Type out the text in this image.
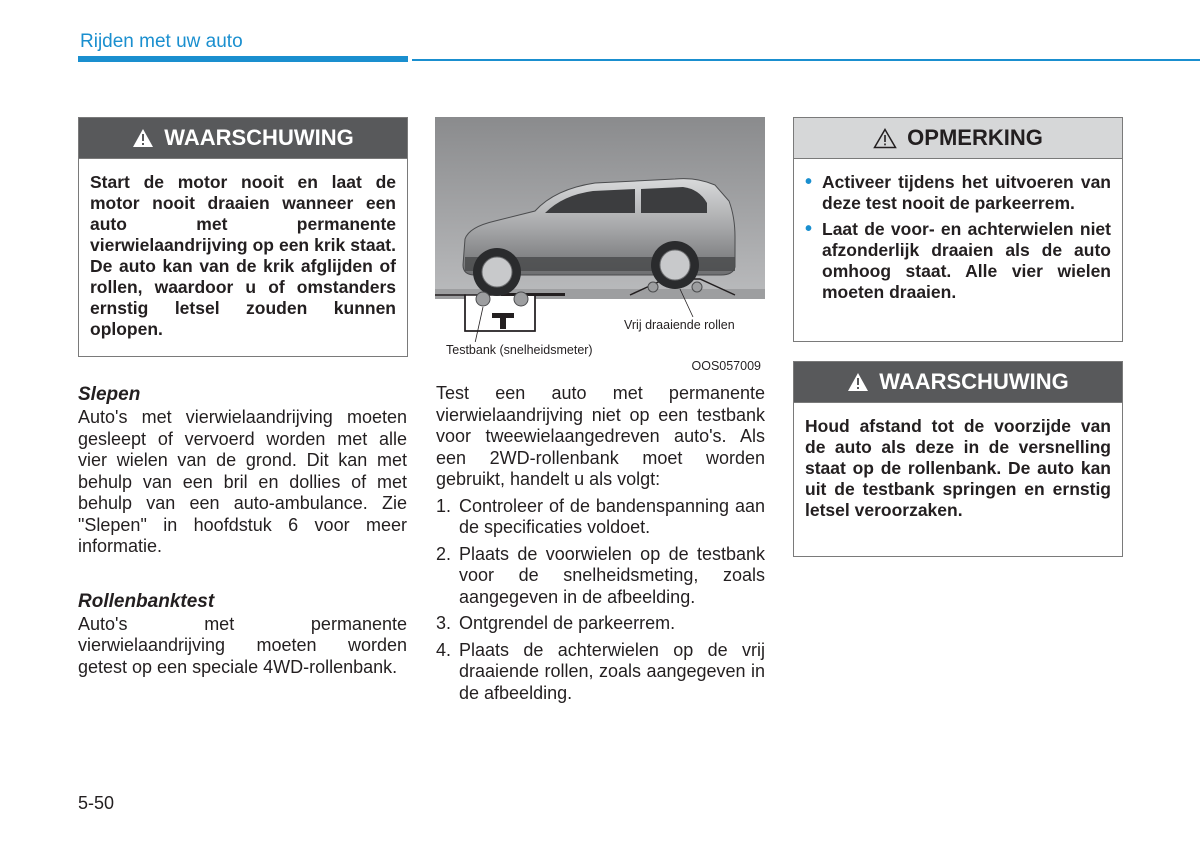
Rijden met uw auto
WAARSCHUWING
Start de motor nooit en laat de motor nooit draaien wanneer een auto met permanente vierwielaandrijving op een krik staat. De auto kan van de krik afglijden of rollen, waardoor u of omstanders ernstig letsel zouden kunnen oplopen.
Slepen

Auto's met vierwielaandrijving moeten gesleept of vervoerd worden met alle vier wielen van de grond. Dit kan met behulp van een bril en dollies of met behulp van een auto-ambulance. Zie "Slepen" in hoofdstuk 6 voor meer informatie.

Rollenbanktest

Auto's met permanente vierwielaandrijving moeten worden getest op een speciale 4WD-rollenbank.

Vrij draaiende rollen
Testbank (snelheidsmeter)
OOS057009

Test een auto met permanente vierwielaandrijving niet op een testbank voor tweewielaangedreven auto's. Als een 2WD-rollenbank moet worden gebruikt, handelt u als volgt:

1. Controleer of de bandenspanning aan de specificaties voldoet.
2. Plaats de voorwielen op de testbank voor de snelheidsmeting, zoals aangegeven in de afbeelding.
3. Ontgrendel de parkeerrem.
4. Plaats de achterwielen op de vrij draaiende rollen, zoals aangegeven in de afbeelding.
OPMERKING
• Activeer tijdens het uitvoeren van deze test nooit de parkeerrem.
• Laat de voor- en achterwielen niet afzonderlijk draaien als de auto omhoog staat. Alle vier wielen moeten draaien.
WAARSCHUWING
Houd afstand tot de voorzijde van de auto als deze in de versnelling staat op de rollenbank. De auto kan uit de testbank springen en ernstig letsel veroorzaken.
5-50
